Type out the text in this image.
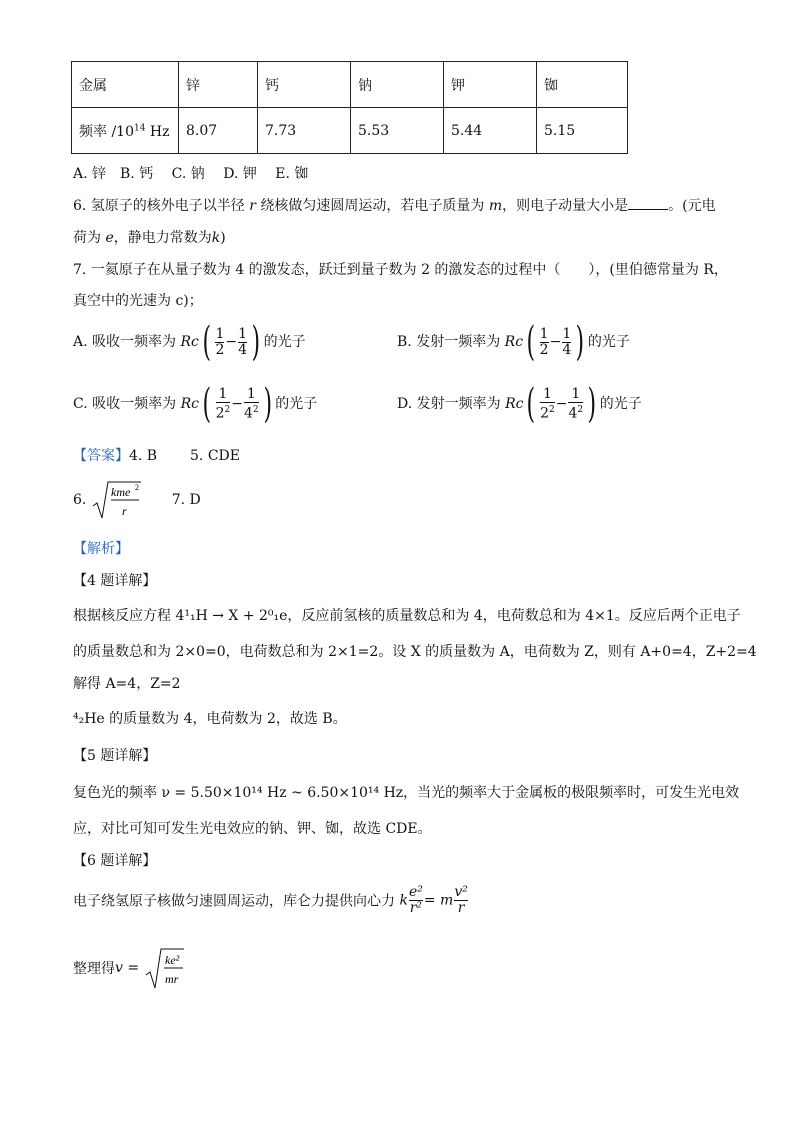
金属	锌	钙	钠	钾	铷
频率 $/10^{14}$ Hz	8.07	7.73	5.53	5.44	5.15
A. 锌　B. 钙　 C. 钠　 D. 钾　 E. 铷
6. 氢原子的核外电子以半径 r 绕核做匀速圆周运动，若电子质量为 m，则电子动量大小是	。(元电
荷为 e，静电力常数为k)
7. 一氦原子在从量子数为 4 的激发态，跃迁到量子数为 2 的激发态的过程中（　　），(里伯德常量为 R，
真空中的光速为 c)；
A. 吸收一频率为 $Rc( \frac{1}{2} - \frac{1}{4}$ ) 的光子	B. 发射一频率为 $Rc( \frac{1}{2} - \frac{1}{4}$ ) 的光子
C. 吸收一频率为 $Rc( \frac{1}{2^2} - \frac{1}{4^2}$ ) 的光子	D. 发射一频率为 $Rc( \frac{1}{2^2} - \frac{1}{4^2}$ ) 的光子
【答案】4. B 5. CDE
6. kme 2
r
7. D
【解析】
【4 题详解】
根据核反应方程 4¹₁H → X + 2⁰₁e，反应前氢核的质量数总和为 4，电荷数总和为 4×1。反应后两个正电子
的质量数总和为 2×0=0，电荷数总和为 2×1=2。设 X 的质量数为 A，电荷数为 Z，则有 A+0=4，Z+2=4
解得 A=4，Z=2
⁴₂He 的质量数为 4，电荷数为 2，故选 B。
【5 题详解】
复色光的频率 ν = 5.50×10¹⁴ Hz ~ 6.50×10¹⁴ Hz，当光的频率大于金属板的极限频率时，可发生光电效
应，对比可知可发生光电效应的钠、钾、铷，故选 CDE。
【6 题详解】
电子绕氢原子核做匀速圆周运动，库仑力提供向心力 k $\frac{\text{e²}}{\text{r²}} = m \frac{\text{v²}}{r}$
整理得v = ke²
mr
